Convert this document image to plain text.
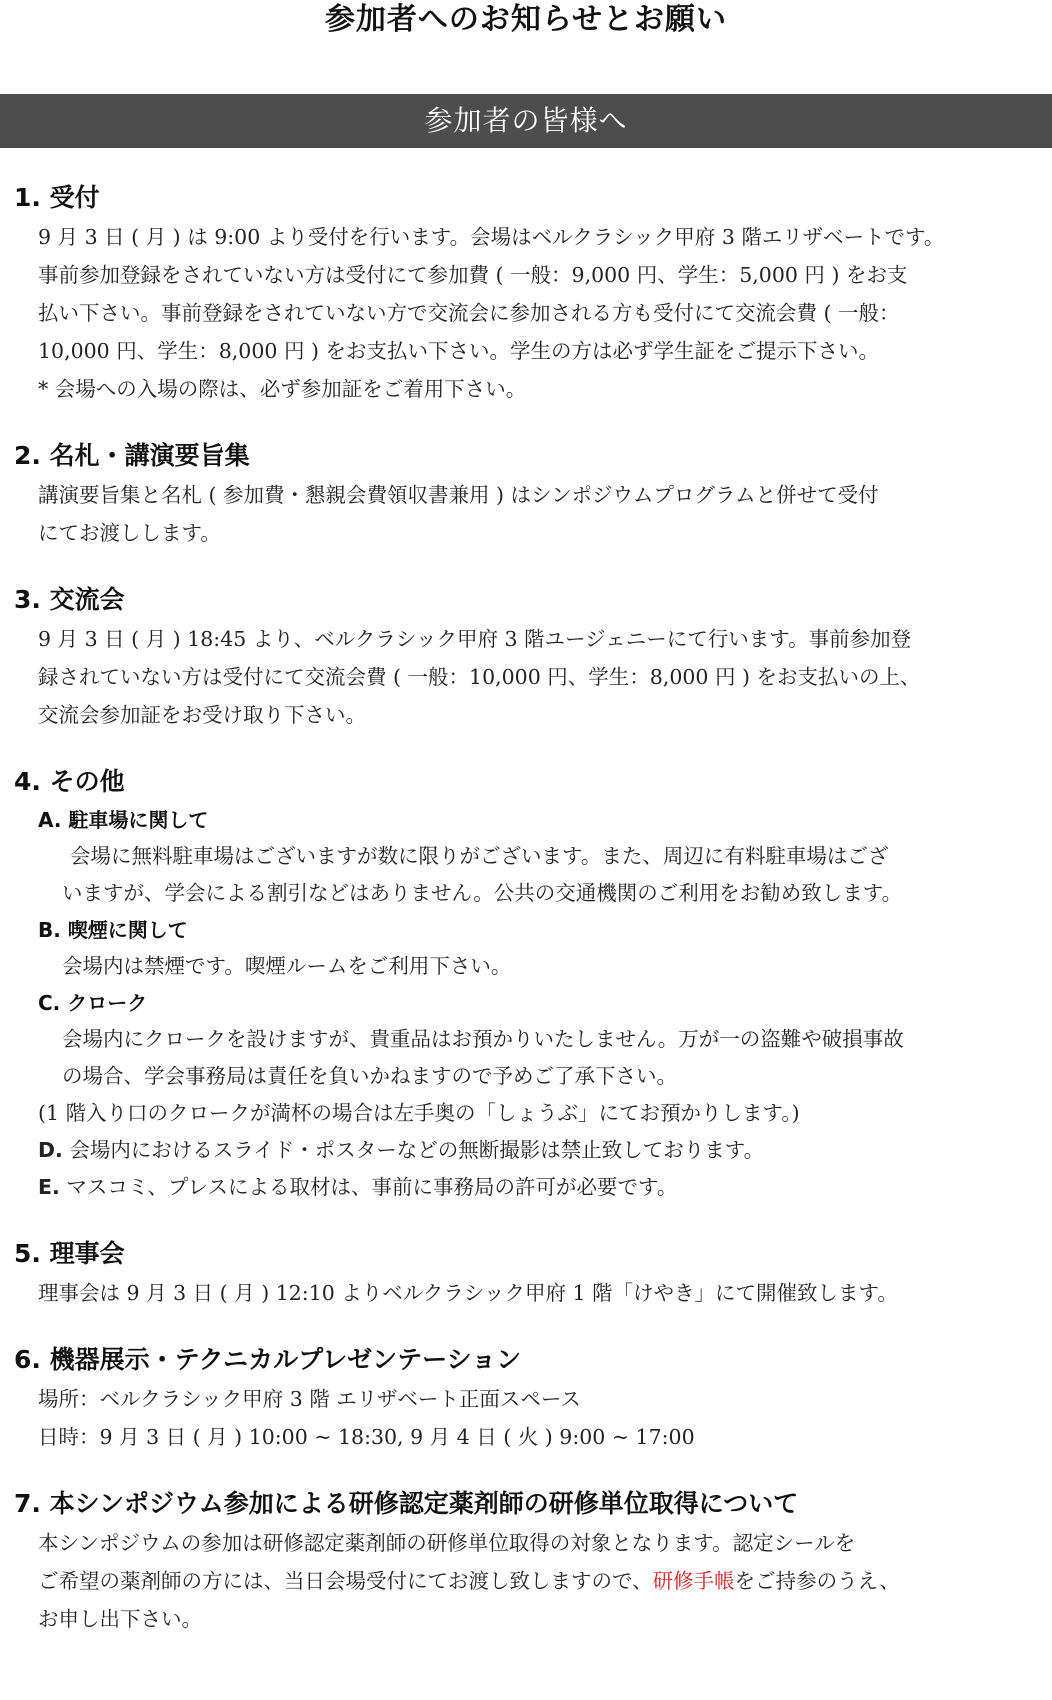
参加者へのお知らせとお願い
参加者の皆様へ
1. 受付
9 月 3 日 ( 月 ) は 9:00 より受付を行います。会場はベルクラシック甲府 3 階エリザベートです。
事前参加登録をされていない方は受付にて参加費 ( 一般：9,000 円、学生：5,000 円 ) をお支
払い下さい。事前登録をされていない方で交流会に参加される方も受付にて交流会費 ( 一般：
10,000 円、学生：8,000 円 ) をお支払い下さい。学生の方は必ず学生証をご提示下さい。
* 会場への入場の際は、必ず参加証をご着用下さい。
2. 名札・講演要旨集
講演要旨集と名札 ( 参加費・懇親会費領収書兼用 ) はシンポジウムプログラムと併せて受付
にてお渡しします。
3. 交流会
9 月 3 日 ( 月 ) 18:45 より、ベルクラシック甲府 3 階ユージェニーにて行います。事前参加登
録されていない方は受付にて交流会費 ( 一般：10,000 円、学生：8,000 円 ) をお支払いの上、
交流会参加証をお受け取り下さい。
4. その他
A. 駐車場に関して
会場に無料駐車場はございますが数に限りがございます。また、周辺に有料駐車場はござ
いますが、学会による割引などはありません。公共の交通機関のご利用をお勧め致します。
B. 喫煙に関して
会場内は禁煙です。喫煙ルームをご利用下さい。
C. クローク
会場内にクロークを設けますが、貴重品はお預かりいたしません。万が一の盗難や破損事故
の場合、学会事務局は責任を負いかねますので予めご了承下さい。
(1 階入り口のクロークが満杯の場合は左手奥の「しょうぶ」にてお預かりします。)
D. 会場内におけるスライド・ポスターなどの無断撮影は禁止致しております。
E. マスコミ、プレスによる取材は、事前に事務局の許可が必要です。
5. 理事会
理事会は 9 月 3 日 ( 月 ) 12:10 よりベルクラシック甲府 1 階「けやき」にて開催致します。
6. 機器展示・テクニカルプレゼンテーション
場所：ベルクラシック甲府 3 階 エリザベート正面スペース
日時：9 月 3 日 ( 月 ) 10:00 ~ 18:30, 9 月 4 日 ( 火 ) 9:00 ~ 17:00
7. 本シンポジウム参加による研修認定薬剤師の研修単位取得について
本シンポジウムの参加は研修認定薬剤師の研修単位取得の対象となります。認定シールを
ご希望の薬剤師の方には、当日会場受付にてお渡し致しますので、研修手帳をご持参のうえ、
お申し出下さい。
